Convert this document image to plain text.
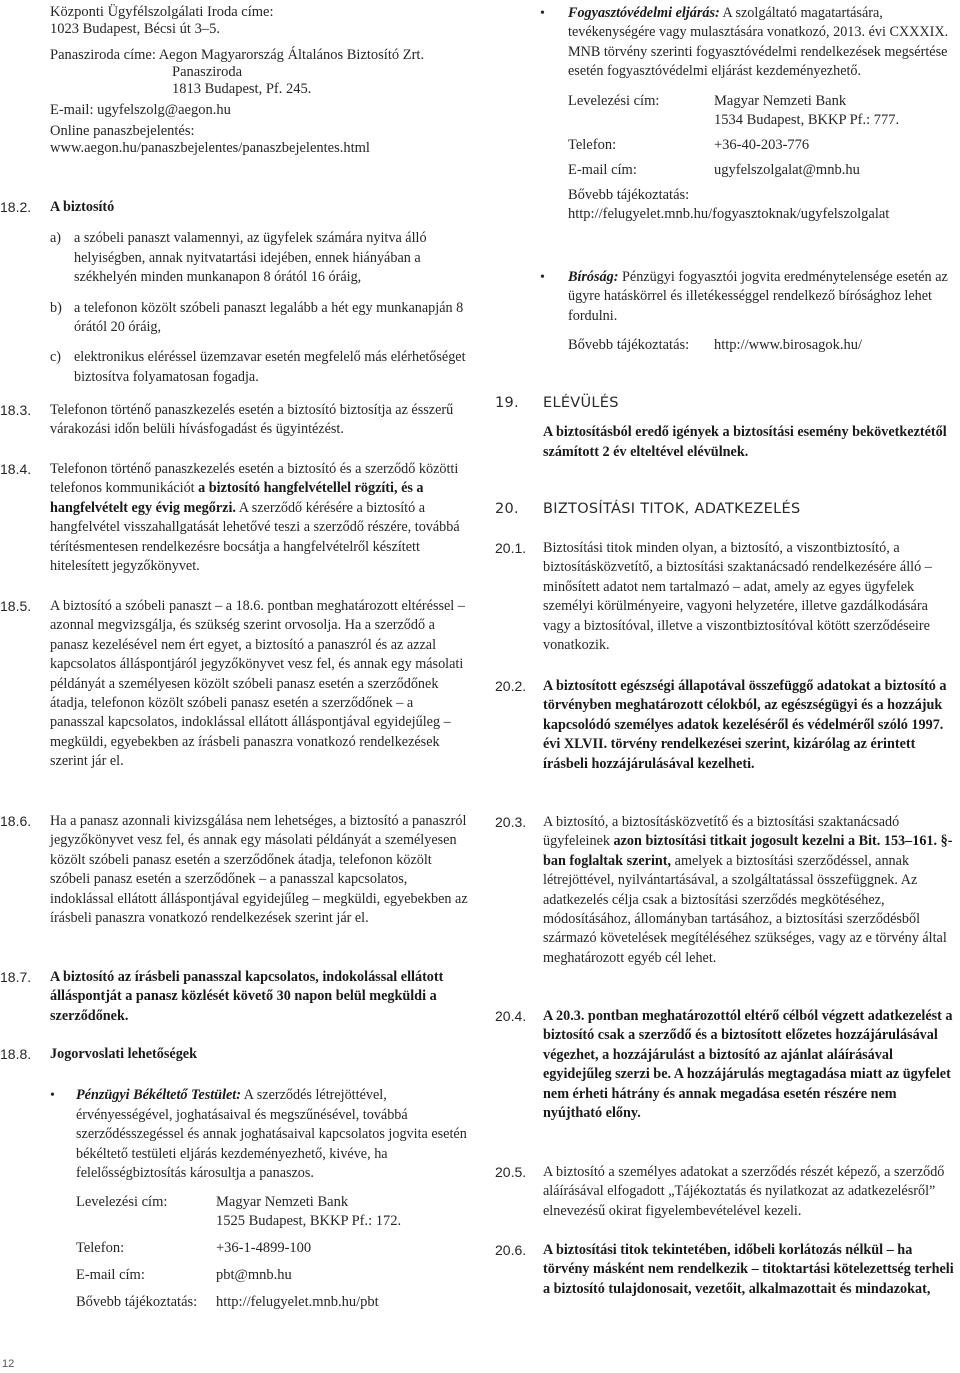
Központi Ügyfélszolgálati Iroda címe:

1023 Budapest, Bécsi út 3–5.

Panasziroda címe: Aegon Magyarország Általános Biztosító Zrt.

Panasziroda

1813 Budapest, Pf. 245.

E-mail: ugyfelszolg@aegon.hu

Online panaszbejelentés:

www.aegon.hu/panaszbejelentes/panaszbejelentes.html

18.2. A biztosító
a) a szóbeli panaszt valamennyi, az ügyfelek számára nyitva álló helyiségben, annak nyitvatartási idejében, ennek hiányában a székhelyén minden munkanapon 8 órától 16 óráig,
b) a telefonon közölt szóbeli panaszt legalább a hét egy munkanapján 8 órától 20 óráig,
c) elektronikus eléréssel üzemzavar esetén megfelelő más elérhetőséget biztosítva folyamatosan fogadja.
18.3. Telefonon történő panaszkezelés esetén a biztosító biztosítja az ésszerű várakozási időn belüli hívásfogadást és ügyintézést.

18.4. Telefonon történő panaszkezelés esetén a biztosító és a szerződő közötti telefonos kommunikációt a biztosító hangfelvétellel rögzíti, és a hangfelvételt egy évig megőrzi. A szerződő kérésére a biztosító a hangfelvétel visszahallgatását lehetővé teszi a szerződő részére, továbbá térítésmentesen rendelkezésre bocsátja a hangfelvételről készített hitelesített jegyzőkönyvet.

18.5. A biztosító a szóbeli panaszt – a 18.6. pontban meghatározott eltéréssel – azonnal megvizsgálja, és szükség szerint orvosolja. Ha a szerződő a panasz kezelésével nem ért egyet, a biztosító a panaszról és az azzal kapcsolatos álláspontjáról jegyzőkönyvet vesz fel, és annak egy másolati példányát a személyesen közölt szóbeli panasz esetén a szerződőnek átadja, telefonon közölt szóbeli panasz esetén a szerződőnek – a panasszal kapcsolatos, indoklással ellátott álláspontjával egyidejűleg – megküldi, egyebekben az írásbeli panaszra vonatkozó rendelkezések szerint jár el.

18.6. Ha a panasz azonnali kivizsgálása nem lehetséges, a biztosító a panaszról jegyzőkönyvet vesz fel, és annak egy másolati példányát a személyesen közölt szóbeli panasz esetén a szerződőnek átadja, telefonon közölt szóbeli panasz esetén a szerződőnek – a panasszal kapcsolatos, indoklással ellátott álláspontjával egyidejűleg – megküldi, egyebekben az írásbeli panaszra vonatkozó rendelkezések szerint jár el.

18.7. A biztosító az írásbeli panasszal kapcsolatos, indokolással ellátott álláspontját a panasz közlését követő 30 napon belül megküldi a szerződőnek.

18.8. Jogorvoslati lehetőségek

• Pénzügyi Békéltető Testület: A szerződés létrejöttével, érvényességével, joghatásaival és megszűnésével, továbbá szerződésszegéssel és annak joghatásaival kapcsolatos jogvita esetén békéltető testületi eljárás kezdeményezhető, kivéve, ha felelősségbiztosítás károsultja a panaszos.
Levelezési cím:	Magyar Nemzeti Bank
1525 Budapest, BKKP Pf.: 172.
Telefon:	+36-1-4899-100
E-mail cím:	pbt@mnb.hu
Bővebb tájékoztatás:	http://felugyelet.mnb.hu/pbt
• Fogyasztóvédelmi eljárás: A szolgáltató magatartására, tevékenységére vagy mulasztására vonatkozó, 2013. évi CXXXIX. MNB törvény szerinti fogyasztóvédelmi rendelkezések megsértése esetén fogyasztóvédelmi eljárást kezdeményezhető.
Levelezési cím:	Magyar Nemzeti Bank
1534 Budapest, BKKP Pf.: 777.
Telefon:	+36-40-203-776
E-mail cím:	ugyfelszolgalat@mnb.hu
Bővebb tájékoztatás:
http://felugyelet.mnb.hu/fogyasztoknak/ugyfelszolgalat
• Bíróság: Pénzügyi fogyasztói jogvita eredménytelensége esetén az ügyre hatáskörrel és illetékességgel rendelkező bírósághoz lehet fordulni.
Bővebb tájékoztatás:	http://www.birosagok.hu/
19. ELÉVÜLÉS

A biztosításból eredő igények a biztosítási esemény bekövetkeztétől számított 2 év elteltével elévülnek.

20. BIZTOSÍTÁSI TITOK, ADATKEZELÉS
20.1. Biztosítási titok minden olyan, a biztosító, a viszontbiztosító, a biztosításközvetítő, a biztosítási szaktanácsadó rendelkezésére álló – minősített adatot nem tartalmazó – adat, amely az egyes ügyfelek személyi körülményeire, vagyoni helyzetére, illetve gazdálkodására vagy a biztosítóval, illetve a viszontbiztosítóval kötött szerződéseire vonatkozik.

20.2. A biztosított egészségi állapotával összefüggő adatokat a biztosító a törvényben meghatározott célokból, az egészségügyi és a hozzájuk kapcsolódó személyes adatok kezeléséről és védelméről szóló 1997. évi XLVII. törvény rendelkezései szerint, kizárólag az érintett írásbeli hozzájárulásával kezelheti.

20.3. A biztosító, a biztosításközvetítő és a biztosítási szaktanácsadó ügyfeleinek azon biztosítási titkait jogosult kezelni a Bit. 153–161. §-ban foglaltak szerint, amelyek a biztosítási szerződéssel, annak létrejöttével, nyilvántartásával, a szolgáltatással összefüggnek. Az adatkezelés célja csak a biztosítási szerződés megkötéséhez, módosításához, állományban tartásához, a biztosítási szerződésből származó követelések megítéléséhez szükséges, vagy az e törvény által meghatározott egyéb cél lehet.

20.4. A 20.3. pontban meghatározottól eltérő célból végzett adatkezelést a biztosító csak a szerződő és a biztosított előzetes hozzájárulásával végezhet, a hozzájárulást a biztosító az ajánlat aláírásával egyidejűleg szerzi be. A hozzájárulás megtagadása miatt az ügyfelet nem érheti hátrány és annak megadása esetén részére nem nyújtható előny.

20.5. A biztosító a személyes adatokat a szerződés részét képező, a szerződő aláírásával elfogadott „Tájékoztatás és nyilatkozat az adatkezelésről” elnevezésű okirat figyelembevételével kezeli.

20.6. A biztosítási titok tekintetében, időbeli korlátozás nélkül – ha törvény másként nem rendelkezik – titoktartási kötelezettség terheli a biztosító tulajdonosait, vezetőit, alkalmazottait és mindazokat,

12
